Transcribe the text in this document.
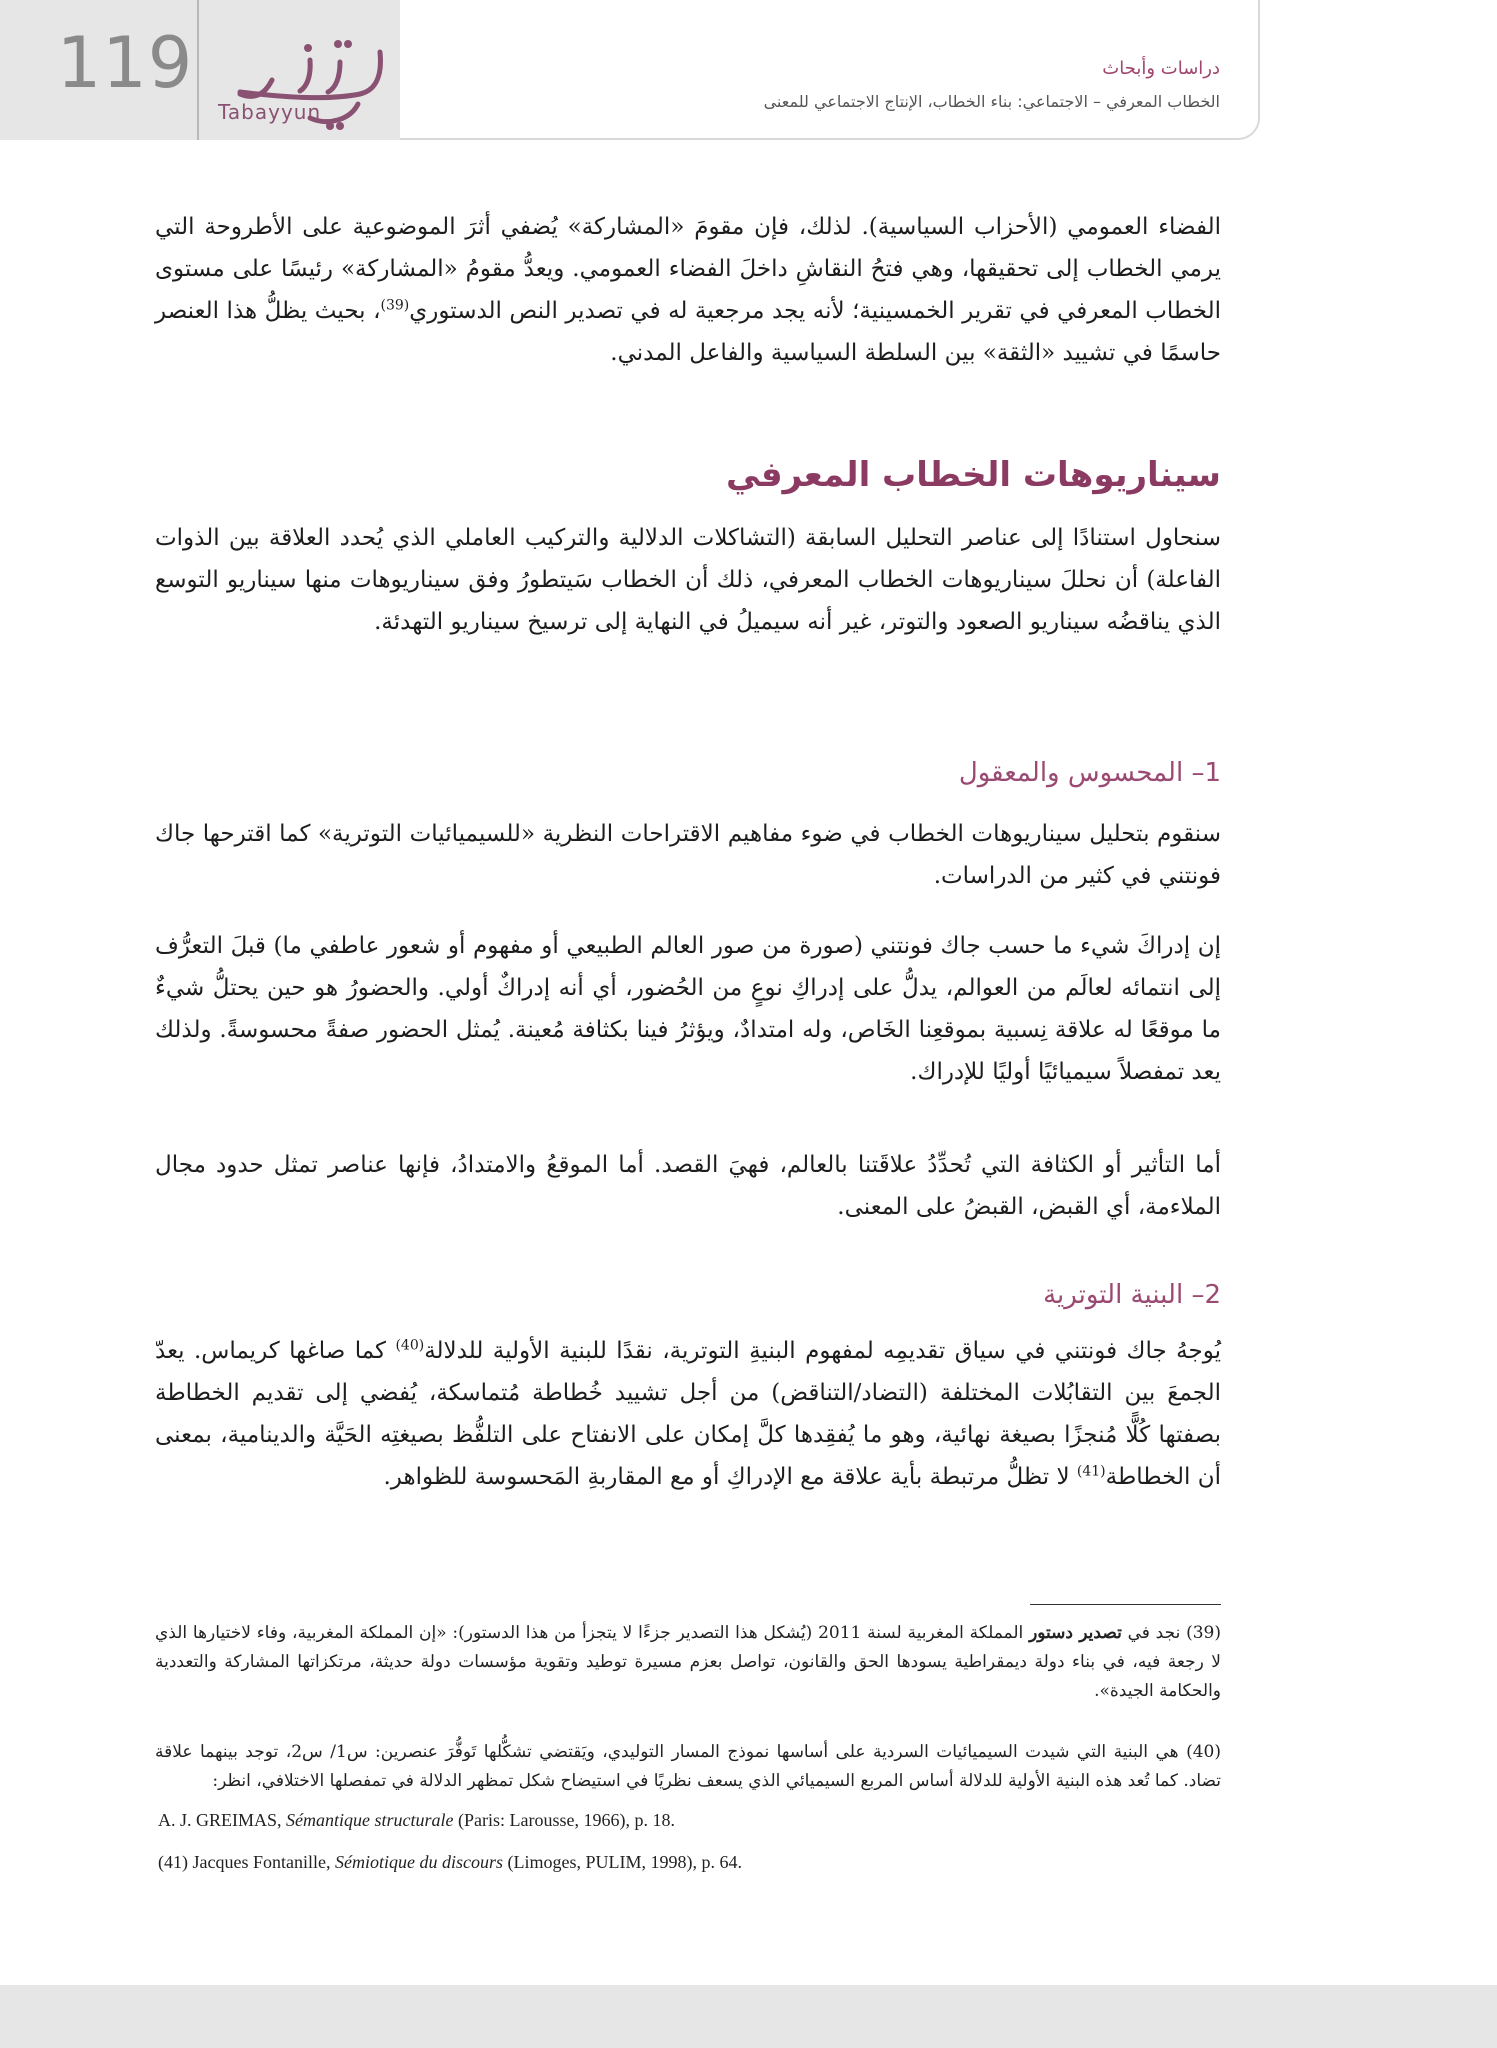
119
Tabayyun
دراسات وأبحاث
الخطاب المعرفي – الاجتماعي: بناء الخطاب، الإنتاج الاجتماعي للمعنى

الفضاء العمومي (الأحزاب السياسية). لذلك، فإن مقومَ «المشاركة» يُضفي أثرَ الموضوعية على الأطروحة التي يرمي الخطاب إلى تحقيقها، وهي فتحُ النقاشِ داخلَ الفضاء العمومي. ويعدُّ مقومُ «المشاركة» رئيسًا على مستوى الخطاب المعرفي في تقرير الخمسينية؛ لأنه يجد مرجعية له في تصدير النص الدستوري$^{(39)}$، بحيث يظلُّ هذا العنصر حاسمًا في تشييد «الثقة» بين السلطة السياسية والفاعل المدني.

سيناريوهات الخطاب المعرفي

سنحاول استنادًا إلى عناصر التحليل السابقة (التشاكلات الدلالية والتركيب العاملي الذي يُحدد العلاقة بين الذوات الفاعلة) أن نحللَ سيناريوهات الخطاب المعرفي، ذلك أن الخطاب سَيتطورُ وفق سيناريوهات منها سيناريو التوسع الذي يناقضُه سيناريو الصعود والتوتر، غير أنه سيميلُ في النهاية إلى ترسيخ سيناريو التهدئة.

1– المحسوس والمعقول

سنقوم بتحليل سيناريوهات الخطاب في ضوء مفاهيم الاقتراحات النظرية «للسيميائيات التوترية» كما اقترحها جاك فونتني في كثير من الدراسات.

إن إدراكَ شيء ما حسب جاك فونتني (صورة من صور العالم الطبيعي أو مفهوم أو شعور عاطفي ما) قبلَ التعرُّف إلى انتمائه لعالَم من العوالم، يدلُّ على إدراكِ نوعٍ من الحُضور، أي أنه إدراكٌ أولي. والحضورُ هو حين يحتلُّ شيءٌ ما موقعًا له علاقة نِسبية بموقعِنا الخَاص، وله امتدادٌ، ويؤثرُ فينا بكثافة مُعينة. يُمثل الحضور صفةً محسوسةً. ولذلك يعد تمفصلاً سيميائيًا أوليًا للإدراك.

أما التأثير أو الكثافة التي تُحدِّدُ علاقَتنا بالعالم، فهيَ القصد. أما الموقعُ والامتدادُ، فإنها عناصر تمثل حدود مجال الملاءمة، أي القبض، القبضُ على المعنى.

2– البنية التوترية

يُوجهُ جاك فونتني في سياق تقديمِه لمفهوم البنيةِ التوترية، نقدًا للبنية الأولية للدلالة$^{(40)}$ كما صاغها كريماس. يعدّ الجمعَ بين التقابُلات المختلفة (التضاد/التناقض) من أجل تشييد خُطاطة مُتماسكة، يُفضي إلى تقديم الخطاطة بصفتها كُلًّا مُنجزًا بصيغة نهائية، وهو ما يُفقِدها كلَّ إمكان على الانفتاح على التلفُّظ بصيغتِه الحَيَّة والدينامية، بمعنى أن الخطاطة$^{(41)}$ لا تظلُّ مرتبطة بأية علاقة مع الإدراكِ أو مع المقاربةِ المَحسوسة للظواهر.

(39) نجد في تصدير دستور المملكة المغربية لسنة 2011 (يُشكل هذا التصدير جزءًا لا يتجزأ من هذا الدستور): «إن المملكة المغربية، وفاء لاختيارها الذي لا رجعة فيه، في بناء دولة ديمقراطية يسودها الحق والقانون، تواصل بعزم مسيرة توطيد وتقوية مؤسسات دولة حديثة، مرتكزاتها المشاركة والتعددية والحكامة الجيدة».

(40) هي البنية التي شيدت السيميائيات السردية على أساسها نموذج المسار التوليدي، ويَقتضي تشكُّلها تَوفُّرَ عنصرين: س1/ س2، توجد بينهما علاقة تضاد. كما تُعد هذه البنية الأولية للدلالة أساس المربع السيميائي الذي يسعف نظريًا في استيضاح شكل تمظهر الدلالة في تمفصلها الاختلافي، انظر:

A. J. GREIMAS, Sémantique structurale (Paris: Larousse, 1966), p. 18.
(41) Jacques Fontanille, Sémiotique du discours (Limoges, PULIM, 1998), p. 64.
